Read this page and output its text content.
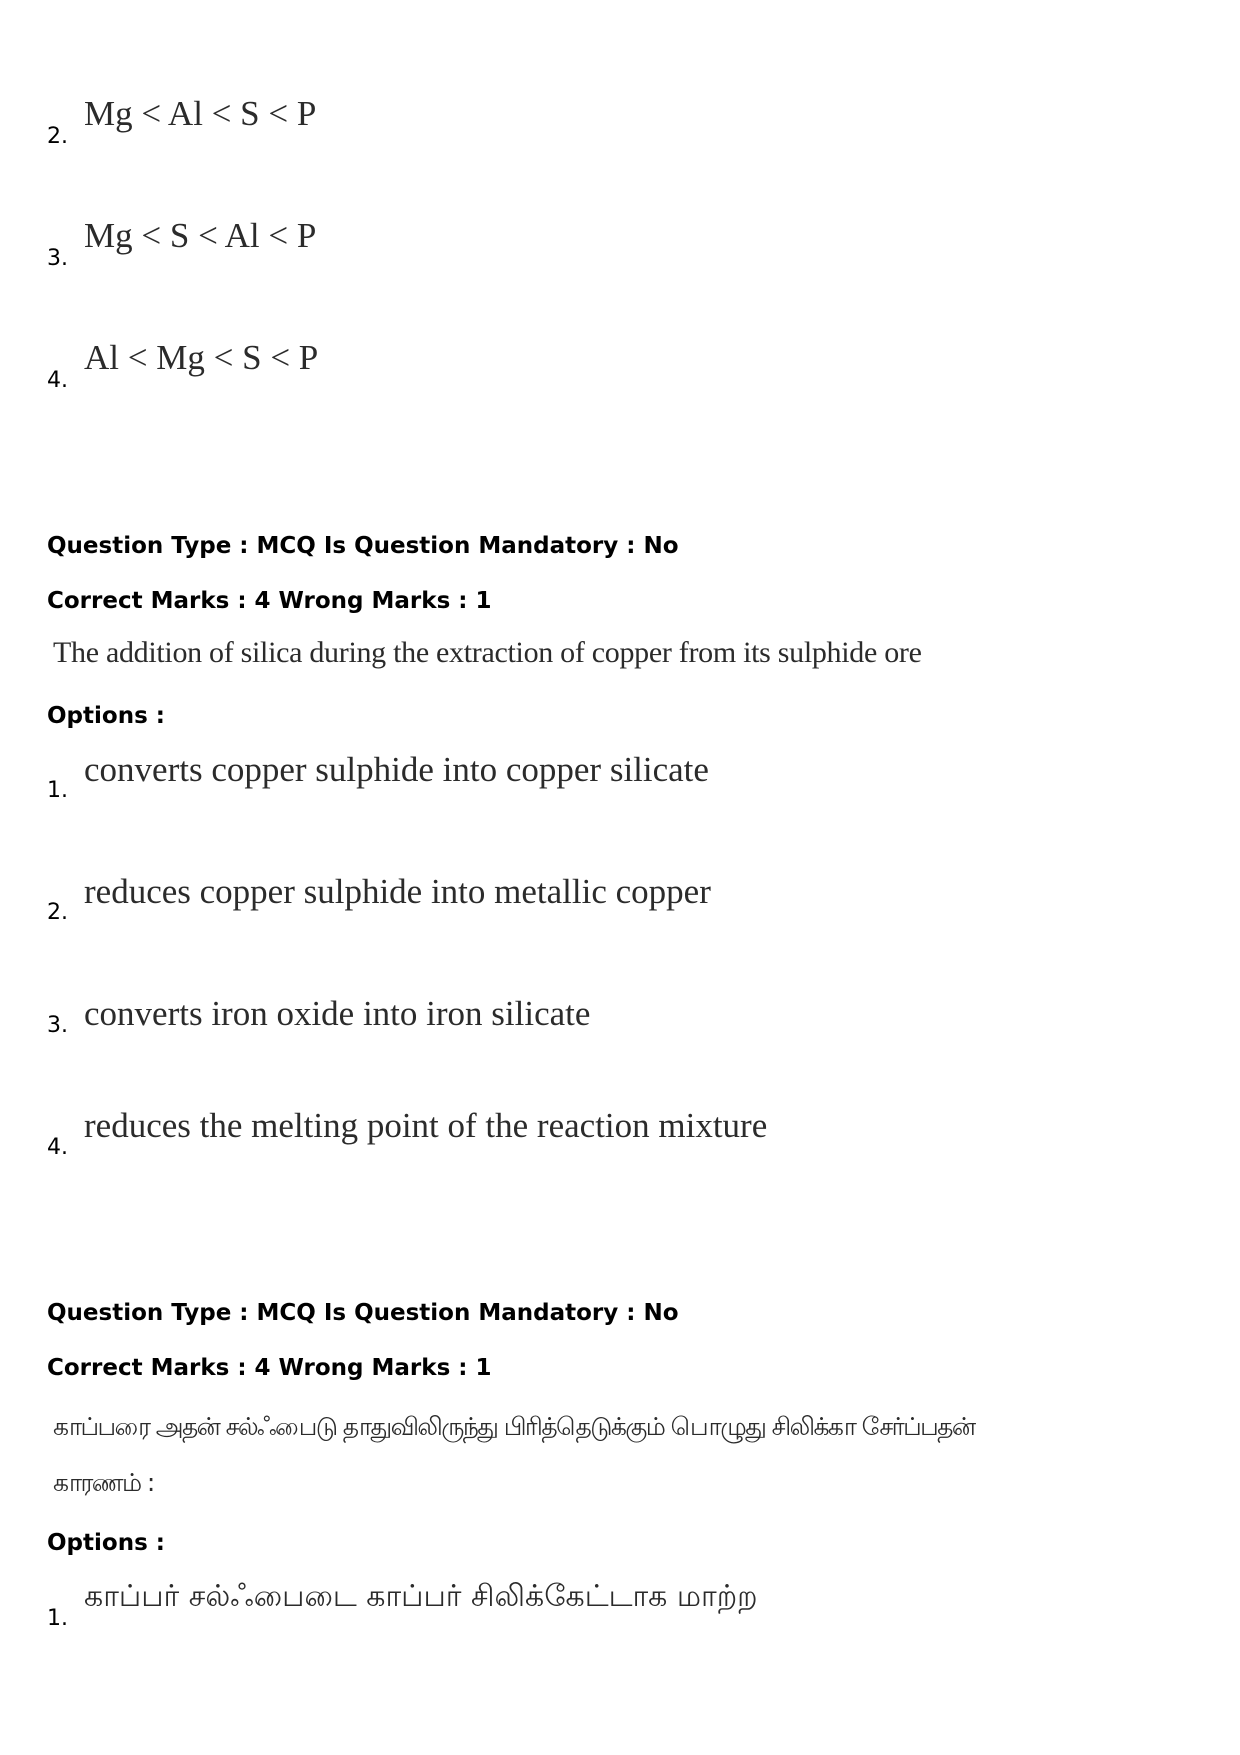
2.
Mg < Al < S < P
3.
Mg < S < Al < P
4.
Al < Mg < S < P
Question Type : MCQ Is Question Mandatory : No
Correct Marks : 4 Wrong Marks : 1
The addition of silica during the extraction of copper from its sulphide ore
Options :
1.
converts copper sulphide into copper silicate
2.
reduces copper sulphide into metallic copper
3. converts iron oxide into iron silicate
4.
reduces the melting point of the reaction mixture
Question Type : MCQ Is Question Mandatory : No
Correct Marks : 4 Wrong Marks : 1
காப்பரை அதன் சல்ஃபைடு தாதுவிலிருந்து பிரித்தெடுக்கும் பொழுது சிலிக்கா சேர்ப்பதன்
காரணம் :
Options :
1.
காப்பர் சல்ஃபைடை காப்பர் சிலிக்கேட்டாக மாற்ற
